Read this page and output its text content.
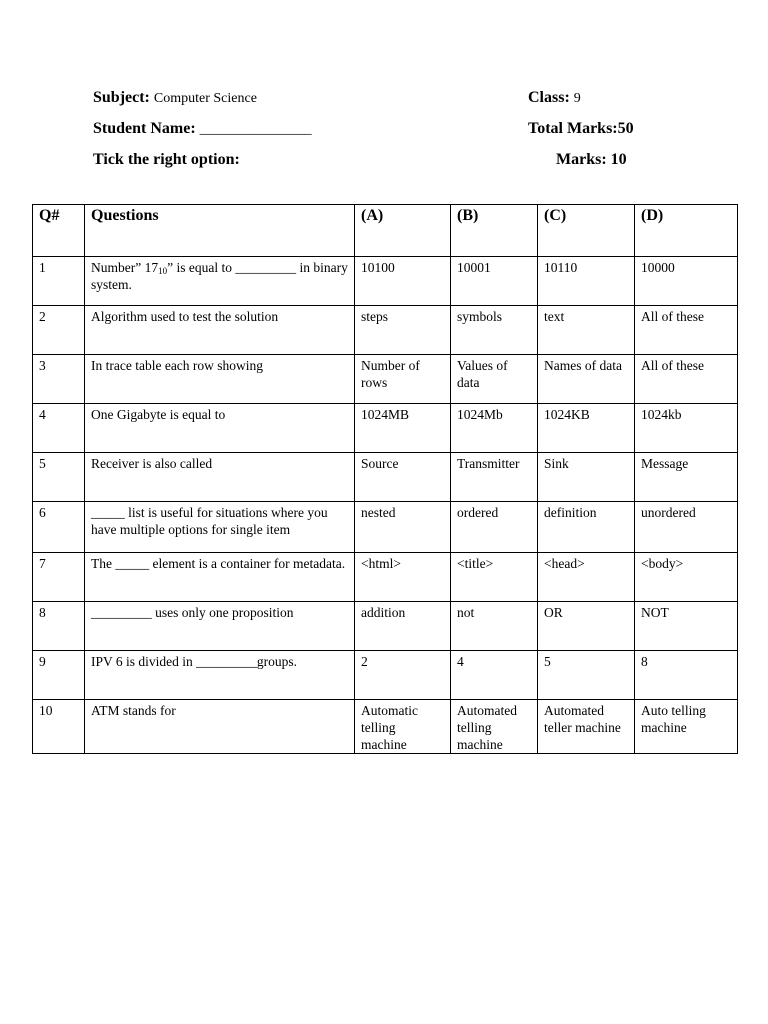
Subject: Computer Science	Class: 9
Student Name: ________________	Total Marks:50
Tick the right option:	Marks: 10
Q#	Questions	(A)	(B)	(C)	(D)
1	Number” $17_{10}$” is equal to _________ in binary system.	10100	10001	10110	10000
2	Algorithm used to test the solution	steps	symbols	text	All of these
3	In trace table each row showing	Number of rows	Values of data	Names of data	All of these
4	One Gigabyte is equal to	1024MB	1024Mb	1024KB	1024kb
5	Receiver is also called	Source	Transmitter	Sink	Message
6	_____ list is useful for situations where you have multiple options for single item	nested	ordered	definition	unordered
7	The _____ element is a container for metadata.	<html>	<title>	<head>	<body>
8	_________ uses only one proposition	addition	not	OR	NOT
9	IPV 6 is divided in _________groups.	2	4	5	8
10	ATM stands for	Automatic telling machine	Automated telling machine	Automated teller machine	Auto telling machine
